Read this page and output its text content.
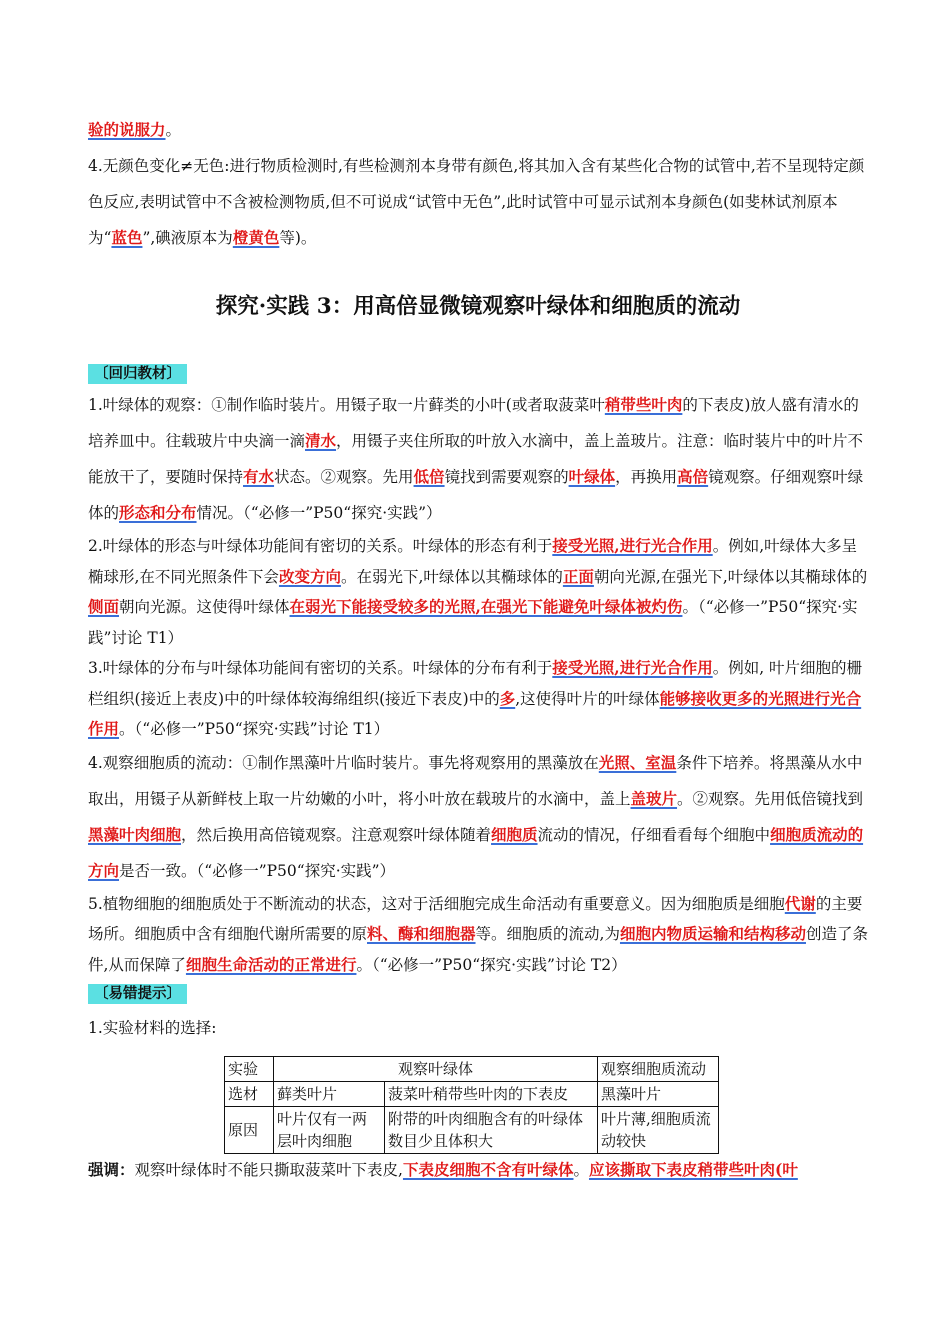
验的说服力。

4.无颜色变化≠无色:进行物质检测时,有些检测剂本身带有颜色,将其加入含有某些化合物的试管中,若不呈现特定颜色反应,表明试管中不含被检测物质,但不可说成“试管中无色”,此时试管中可显示试剂本身颜色(如斐林试剂原本为“蓝色”,碘液原本为橙黄色等)。

探究·实践 3：用高倍显微镜观察叶绿体和细胞质的流动
〔回归教材〕

1.叶绿体的观察：①制作临时装片。用镊子取一片藓类的小叶(或者取菠菜叶稍带些叶肉的下表皮)放人盛有清水的培养皿中。往载玻片中央滴一滴清水，用镊子夹住所取的叶放入水滴中，盖上盖玻片。注意：临时装片中的叶片不能放干了，要随时保持有水状态。②观察。先用低倍镜找到需要观察的叶绿体，再换用高倍镜观察。仔细观察叶绿体的形态和分布情况。（“必修一”P50“探究·实践”）

2.叶绿体的形态与叶绿体功能间有密切的关系。叶绿体的形态有利于接受光照,进行光合作用。例如,叶绿体大多呈椭球形,在不同光照条件下会改变方向。在弱光下,叶绿体以其椭球体的正面朝向光源,在强光下,叶绿体以其椭球体的侧面朝向光源。这使得叶绿体在弱光下能接受较多的光照,在强光下能避免叶绿体被灼伤。（“必修一”P50“探究·实践”讨论 T1）

3.叶绿体的分布与叶绿体功能间有密切的关系。叶绿体的分布有利于接受光照,进行光合作用。例如, 叶片细胞的栅栏组织(接近上表皮)中的叶绿体较海绵组织(接近下表皮)中的多,这使得叶片的叶绿体能够接收更多的光照进行光合作用。（“必修一”P50“探究·实践”讨论 T1）

4.观察细胞质的流动：①制作黑藻叶片临时装片。事先将观察用的黑藻放在光照、室温条件下培养。将黑藻从水中取出，用镊子从新鲜枝上取一片幼嫩的小叶，将小叶放在载玻片的水滴中，盖上盖玻片。②观察。先用低倍镜找到黑藻叶肉细胞，然后换用高倍镜观察。注意观察叶绿体随着细胞质流动的情况，仔细看看每个细胞中细胞质流动的方向是否一致。（“必修一”P50“探究·实践”）

5.植物细胞的细胞质处于不断流动的状态，这对于活细胞完成生命活动有重要意义。因为细胞质是细胞代谢的主要场所。细胞质中含有细胞代谢所需要的原料、酶和细胞器等。细胞质的流动,为细胞内物质运输和结构移动创造了条件,从而保障了细胞生命活动的正常进行。（“必修一”P50“探究·实践”讨论 T2）

〔易错提示〕

1.实验材料的选择:

实验	观察叶绿体		观察细胞质流动
选材	藓类叶片	菠菜叶稍带些叶肉的下表皮	黑藻叶片
原因	叶片仅有一两层叶肉细胞	附带的叶肉细胞含有的叶绿体数目少且体积大	叶片薄,细胞质流动较快

强调：观察叶绿体时不能只撕取菠菜叶下表皮,下表皮细胞不含有叶绿体。应该撕取下表皮稍带些叶肉(叶
